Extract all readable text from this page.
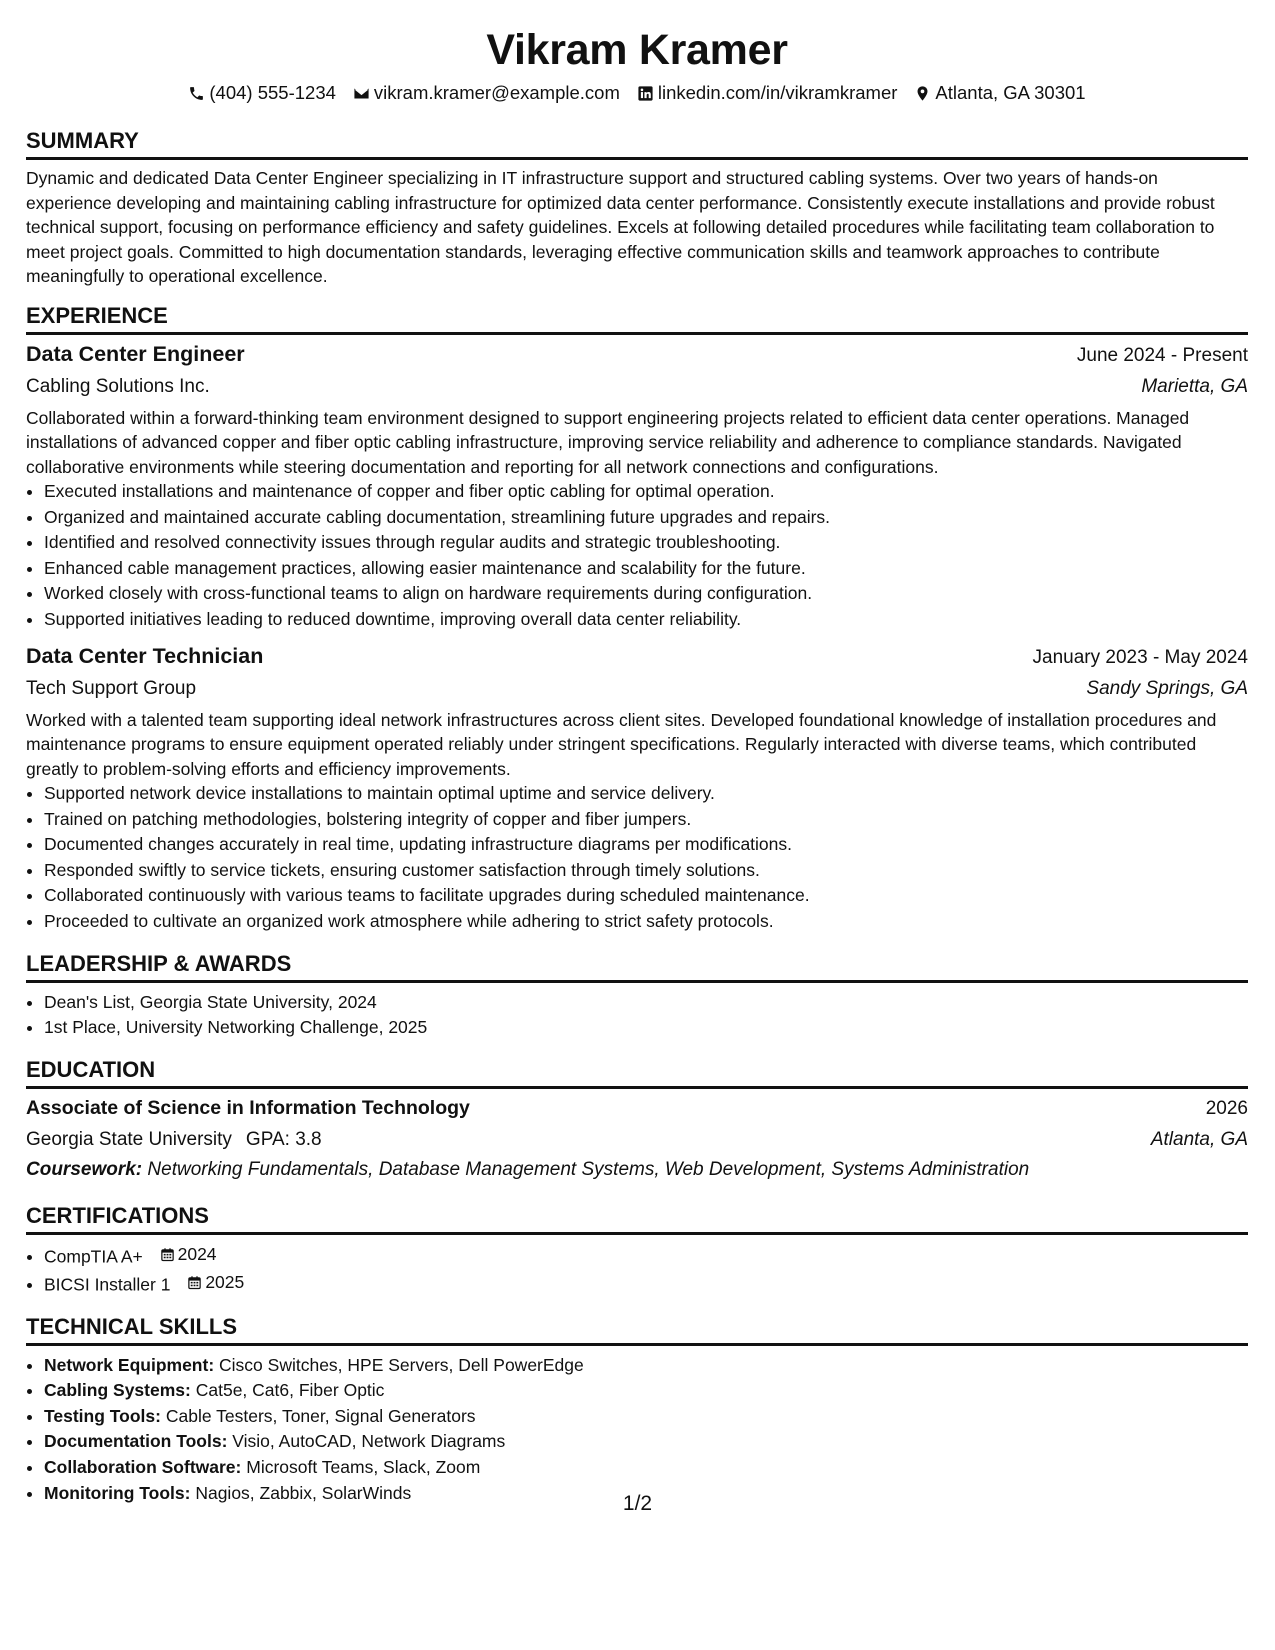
Vikram Kramer
(404) 555-1234 vikram.kramer@example.com linkedin.com/in/vikramkramer Atlanta, GA 30301
SUMMARY
Dynamic and dedicated Data Center Engineer specializing in IT infrastructure support and structured cabling systems. Over two years of hands-on experience developing and maintaining cabling infrastructure for optimized data center performance. Consistently execute installations and provide robust technical support, focusing on performance efficiency and safety guidelines. Excels at following detailed procedures while facilitating team collaboration to meet project goals. Committed to high documentation standards, leveraging effective communication skills and teamwork approaches to contribute meaningfully to operational excellence.
EXPERIENCE
Data Center Engineer	June 2024 - Present
Cabling Solutions Inc.	Marietta, GA
Collaborated within a forward-thinking team environment designed to support engineering projects related to efficient data center operations. Managed installations of advanced copper and fiber optic cabling infrastructure, improving service reliability and adherence to compliance standards. Navigated collaborative environments while steering documentation and reporting for all network connections and configurations.
• Executed installations and maintenance of copper and fiber optic cabling for optimal operation.
• Organized and maintained accurate cabling documentation, streamlining future upgrades and repairs.
• Identified and resolved connectivity issues through regular audits and strategic troubleshooting.
• Enhanced cable management practices, allowing easier maintenance and scalability for the future.
• Worked closely with cross-functional teams to align on hardware requirements during configuration.
• Supported initiatives leading to reduced downtime, improving overall data center reliability.
Data Center Technician	January 2023 - May 2024
Tech Support Group	Sandy Springs, GA
Worked with a talented team supporting ideal network infrastructures across client sites. Developed foundational knowledge of installation procedures and maintenance programs to ensure equipment operated reliably under stringent specifications. Regularly interacted with diverse teams, which contributed greatly to problem-solving efforts and efficiency improvements.
• Supported network device installations to maintain optimal uptime and service delivery.
• Trained on patching methodologies, bolstering integrity of copper and fiber jumpers.
• Documented changes accurately in real time, updating infrastructure diagrams per modifications.
• Responded swiftly to service tickets, ensuring customer satisfaction through timely solutions.
• Collaborated continuously with various teams to facilitate upgrades during scheduled maintenance.
• Proceeded to cultivate an organized work atmosphere while adhering to strict safety protocols.
LEADERSHIP & AWARDS
• Dean's List, Georgia State University, 2024
• 1st Place, University Networking Challenge, 2025
EDUCATION
Associate of Science in Information Technology	2026
Georgia State University GPA: 3.8	Atlanta, GA
Coursework: Networking Fundamentals, Database Management Systems, Web Development, Systems Administration
CERTIFICATIONS
• CompTIA A+ 2024
• BICSI Installer 1 2025
TECHNICAL SKILLS
• Network Equipment: Cisco Switches, HPE Servers, Dell PowerEdge
• Cabling Systems: Cat5e, Cat6, Fiber Optic
• Testing Tools: Cable Testers, Toner, Signal Generators
• Documentation Tools: Visio, AutoCAD, Network Diagrams
• Collaboration Software: Microsoft Teams, Slack, Zoom
• Monitoring Tools: Nagios, Zabbix, SolarWinds	1/2
